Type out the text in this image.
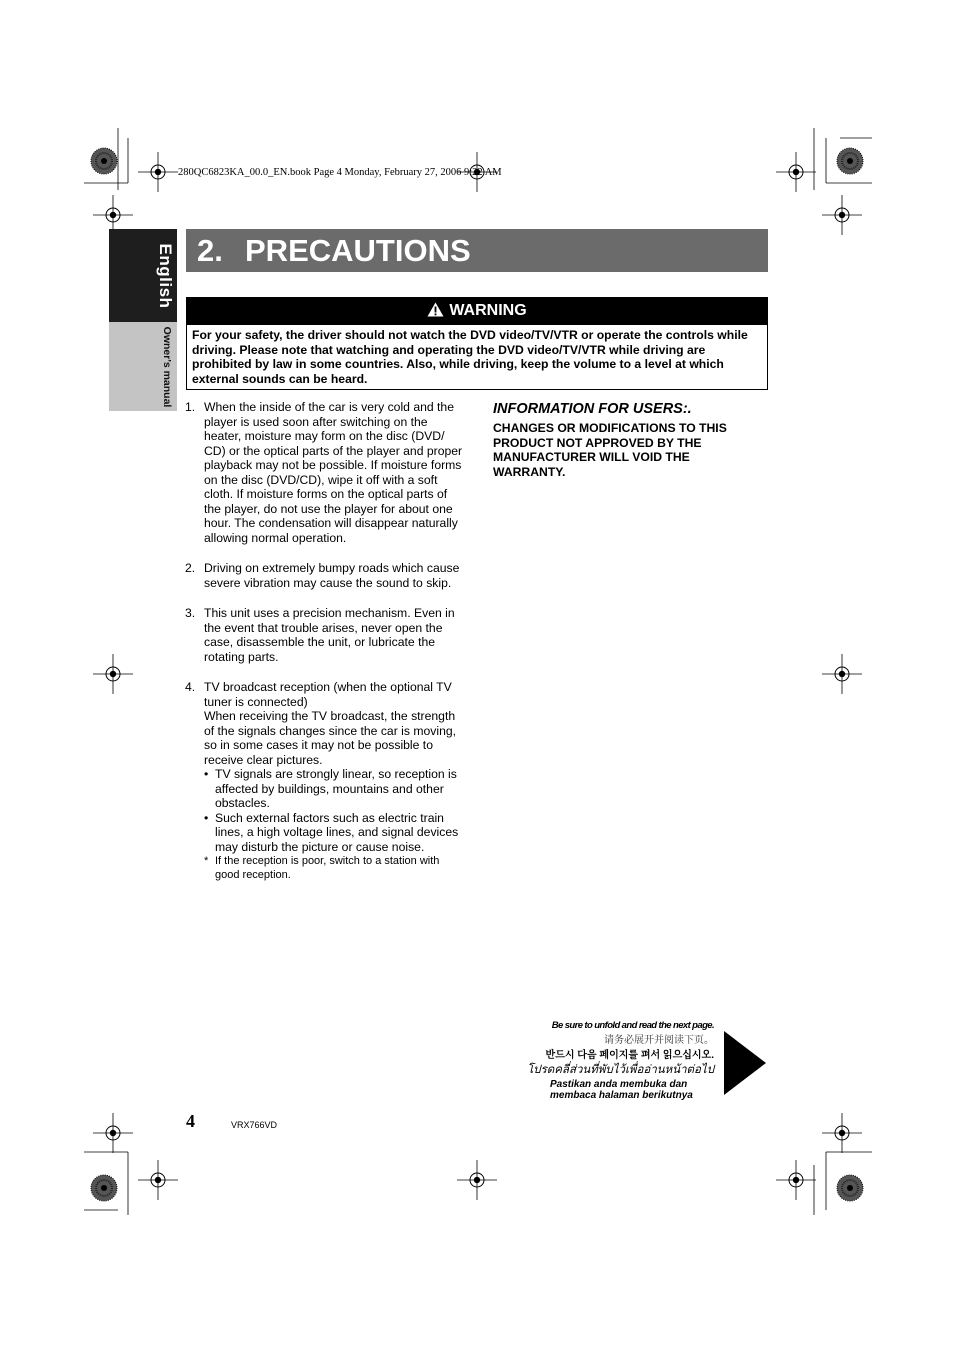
280QC6823KA_00.0_EN.book Page 4 Monday, February 27, 2006 9:22 AM
English
Owner's manual
2. PRECAUTIONS
WARNING
For your safety, the driver should not watch the DVD video/TV/VTR or operate the controls while driving. Please note that watching and operating the DVD video/TV/VTR while driving are prohibited by law in some countries. Also, while driving, keep the volume to a level at which external sounds can be heard.
1. When the inside of the car is very cold and the player is used soon after switching on the heater, moisture may form on the disc (DVD/ CD) or the optical parts of the player and proper playback may not be possible. If moisture forms on the disc (DVD/CD), wipe it off with a soft cloth. If moisture forms on the optical parts of the player, do not use the player for about one hour. The condensation will disappear naturally allowing normal operation.
2. Driving on extremely bumpy roads which cause severe vibration may cause the sound to skip.
3. This unit uses a precision mechanism. Even in the event that trouble arises, never open the case, disassemble the unit, or lubricate the rotating parts.
4. TV broadcast reception (when the optional TV tuner is connected)
When receiving the TV broadcast, the strength of the signals changes since the car is moving, so in some cases it may not be possible to receive clear pictures.
• TV signals are strongly linear, so reception is affected by buildings, mountains and other obstacles.
• Such external factors such as electric train lines, a high voltage lines, and signal devices may disturb the picture or cause noise.
* If the reception is poor, switch to a station with good reception.
INFORMATION FOR USERS:.
CHANGES OR MODIFICATIONS TO THIS PRODUCT NOT APPROVED BY THE MANUFACTURER WILL VOID THE WARRANTY.
Be sure to unfold and read the next page.
请务必展开并阅读下页。
반드시 다음 페이지를 펴서 읽으십시오.
โปรดคลี่ส่วนที่พับไว้เพื่ออ่านหน้าต่อไป
Pastikan anda membuka dan membaca halaman berikutnya
4	VRX766VD
